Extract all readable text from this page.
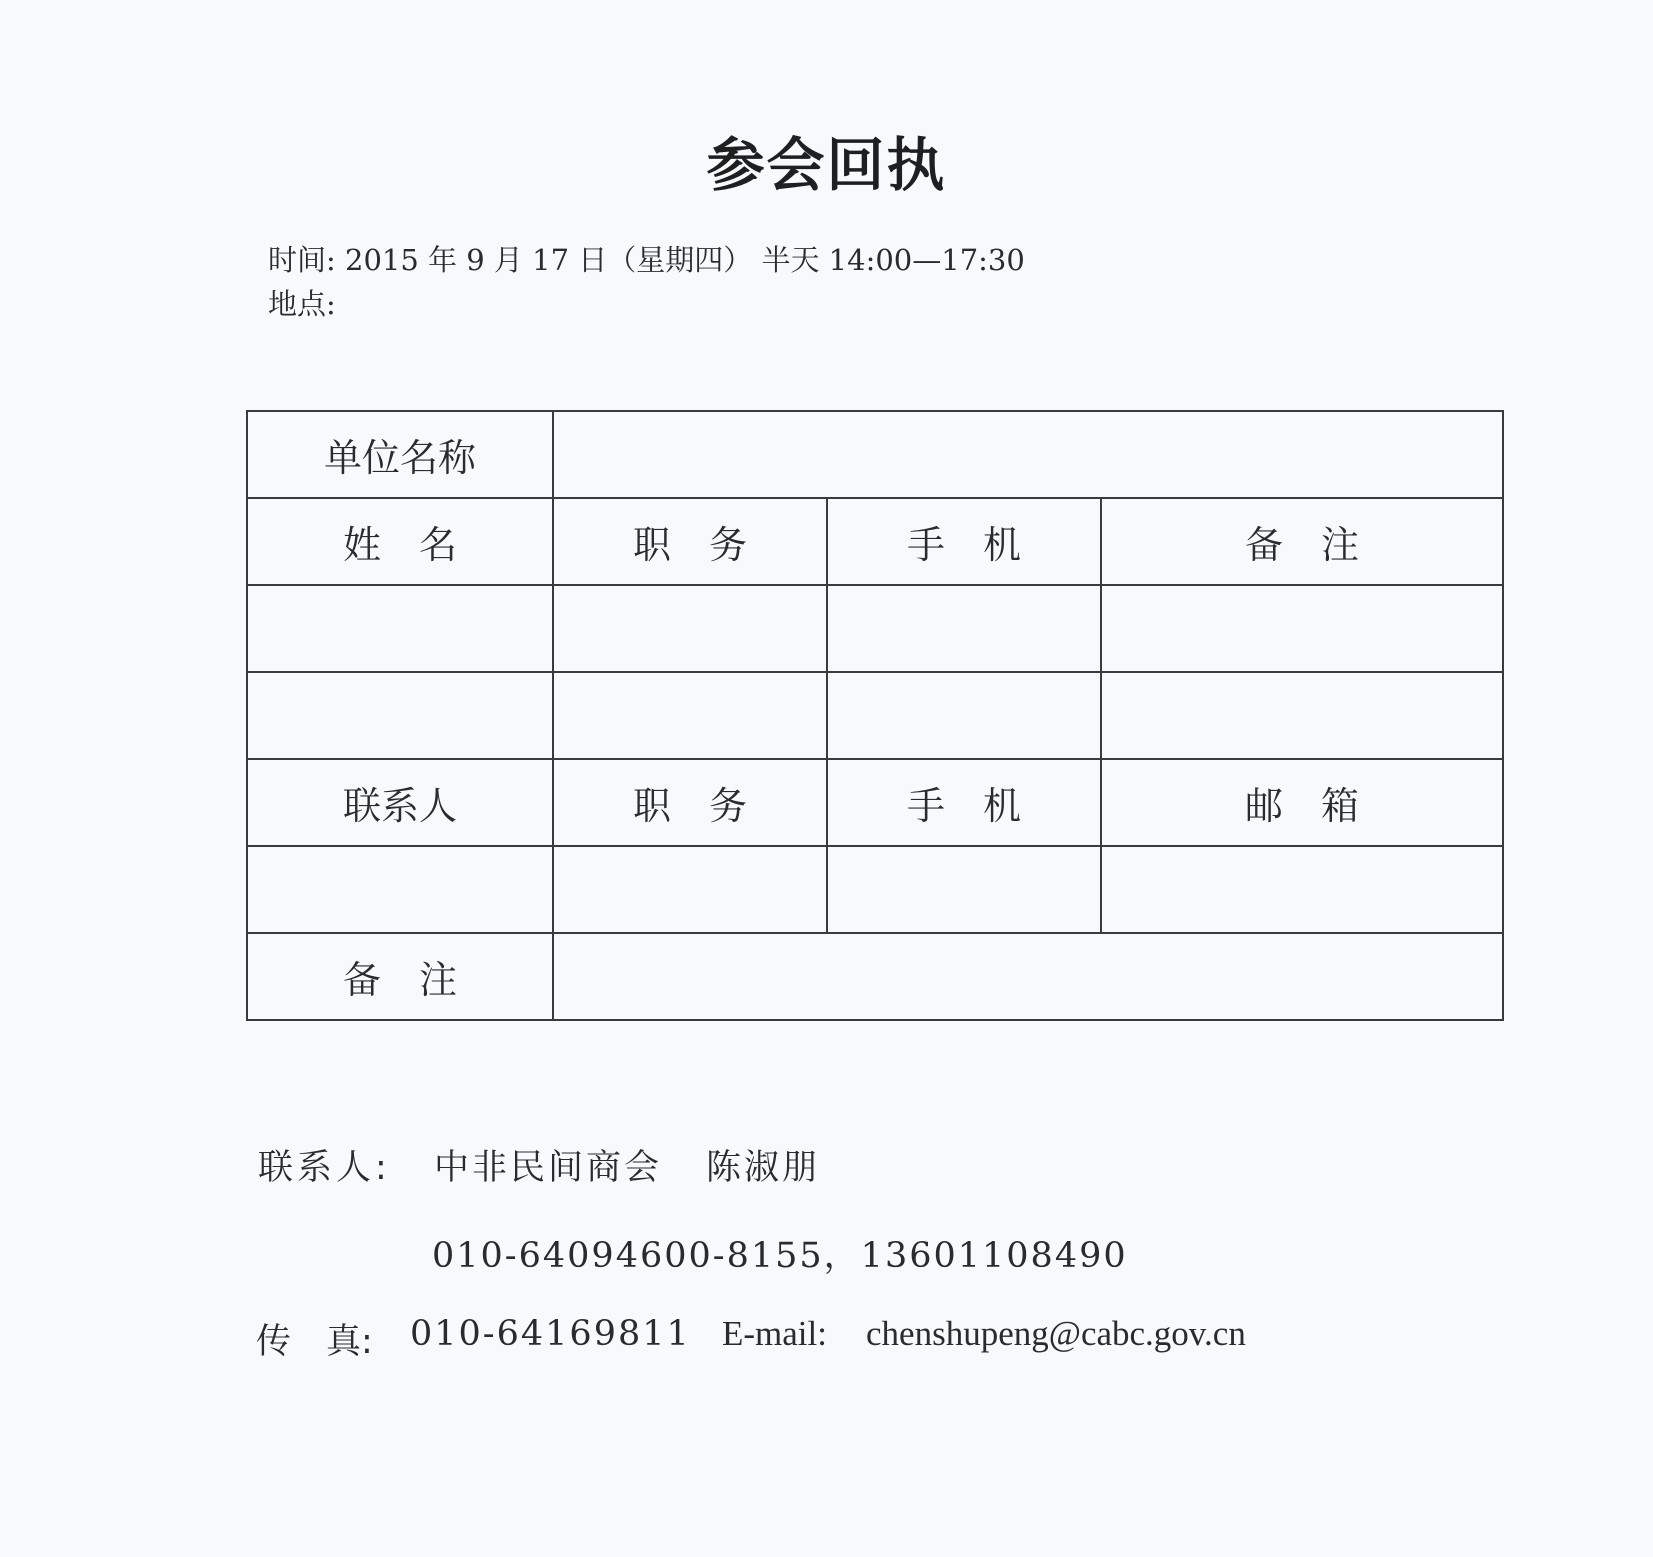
参会回执
时间: 2015 年 9 月 17 日（星期四） 半天 14:00—17:30
地点:
单位名称			
姓　名	职　务	手　机	备　注

联系人	职　务	手　机	邮　箱

备　注			
联系人: 中非民间商会 陈淑朋
010-64094600-8155，13601108490
传　真: 010-64169811 E-mail: chenshupeng@cabc.gov.cn
